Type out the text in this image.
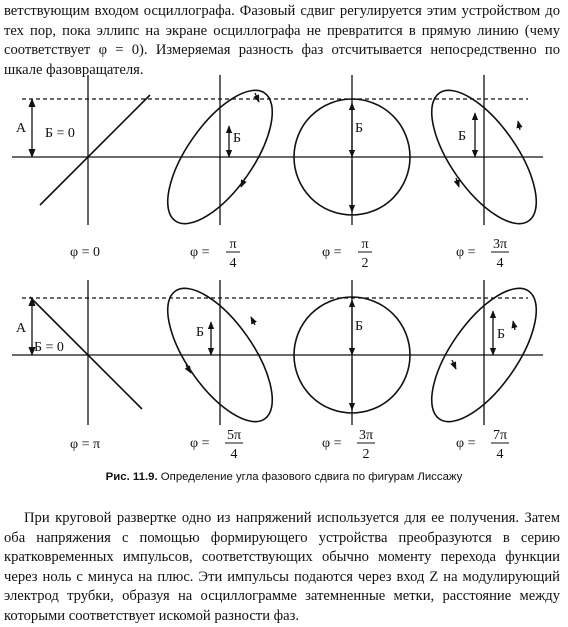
ветствующим входом осциллографа. Фазовый сдвиг регулируется этим устройством до тех пор, пока эллипс на экране осциллографа не превратится в прямую линию (чему соответствует φ = 0). Измеряемая разность фаз отсчитывается непосредственно по шкале фазовращателя.

А Б = 0	Б
Б
Б
φ = 0	φ =
π
4
φ =
π
2
φ =
3π
4
А
Б = 0
Б	Б
Б
φ = π	φ =
5π
4
φ =
3π
2
φ =
7π
4
Рис. 11.9. Определение угла фазового сдвига по фигурам Лиссажу

При круговой развертке одно из напряжений используется для ее получения. Затем оба напряжения с помощью формирующего устройства преобразуются в серию кратковременных импульсов, соответствующих обычно моменту перехода функции через ноль с минуса на плюс. Эти импульсы подаются через вход Z на модулирующий электрод трубки, образуя на осциллограмме затемненные метки, расстояние между которыми соответствует искомой разности фаз.
